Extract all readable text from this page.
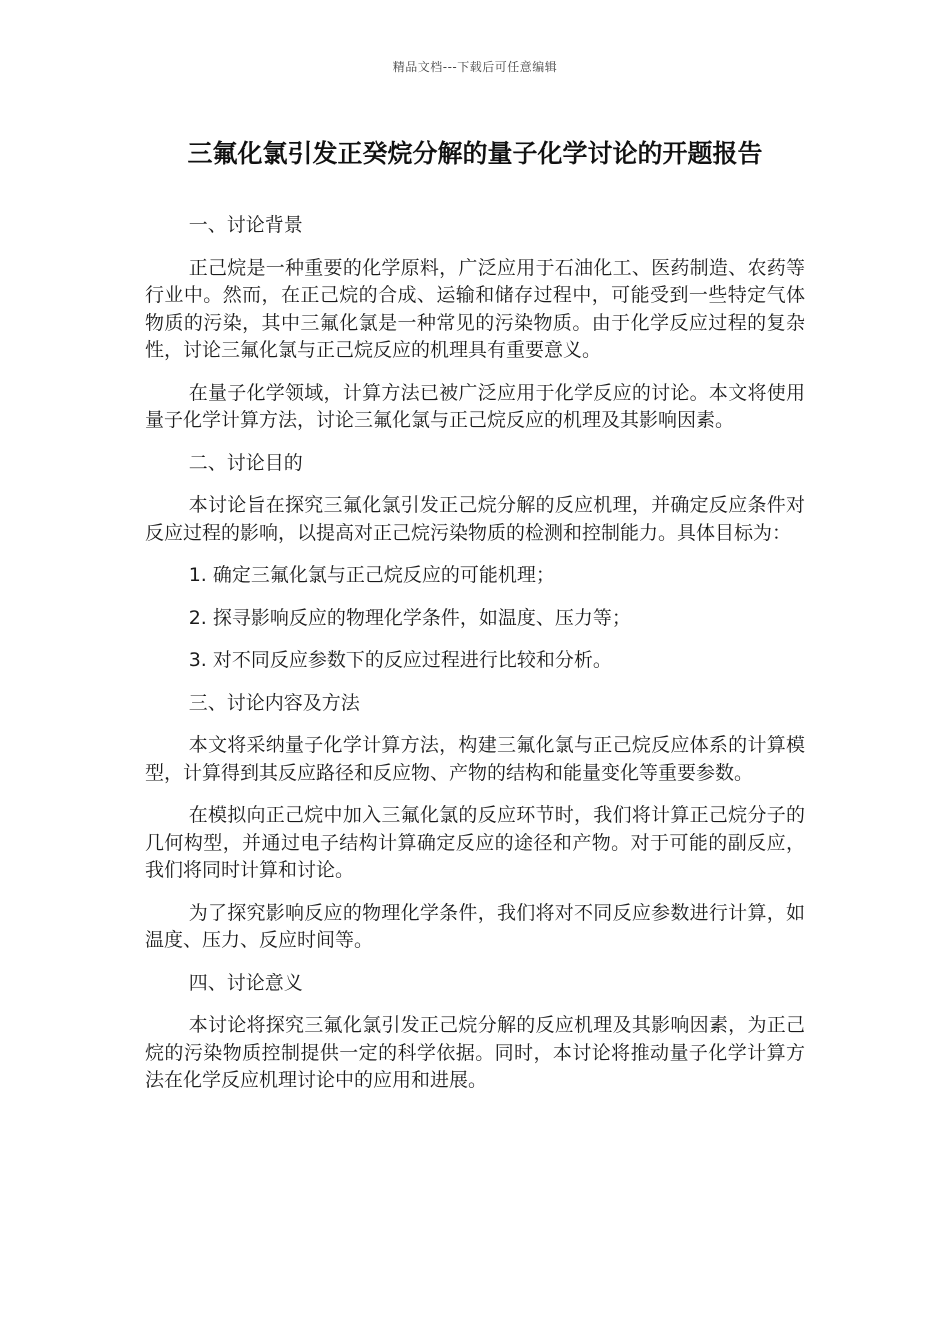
精品文档---下载后可任意编辑
三氟化氯引发正癸烷分解的量子化学讨论的开题报告

一、讨论背景

正己烷是一种重要的化学原料，广泛应用于石油化工、医药制造、农药等行业中。然而，在正己烷的合成、运输和储存过程中，可能受到一些特定气体物质的污染，其中三氟化氯是一种常见的污染物质。由于化学反应过程的复杂性，讨论三氟化氯与正己烷反应的机理具有重要意义。

在量子化学领域，计算方法已被广泛应用于化学反应的讨论。本文将使用量子化学计算方法，讨论三氟化氯与正己烷反应的机理及其影响因素。

二、讨论目的

本讨论旨在探究三氟化氯引发正己烷分解的反应机理，并确定反应条件对反应过程的影响，以提高对正己烷污染物质的检测和控制能力。具体目标为：

1. 确定三氟化氯与正己烷反应的可能机理；

2. 探寻影响反应的物理化学条件，如温度、压力等；

3. 对不同反应参数下的反应过程进行比较和分析。

三、讨论内容及方法

本文将采纳量子化学计算方法，构建三氟化氯与正己烷反应体系的计算模型，计算得到其反应路径和反应物、产物的结构和能量变化等重要参数。

在模拟向正己烷中加入三氟化氯的反应环节时，我们将计算正己烷分子的几何构型，并通过电子结构计算确定反应的途径和产物。对于可能的副反应，我们将同时计算和讨论。

为了探究影响反应的物理化学条件，我们将对不同反应参数进行计算，如温度、压力、反应时间等。

四、讨论意义

本讨论将探究三氟化氯引发正己烷分解的反应机理及其影响因素，为正己烷的污染物质控制提供一定的科学依据。同时，本讨论将推动量子化学计算方法在化学反应机理讨论中的应用和进展。
